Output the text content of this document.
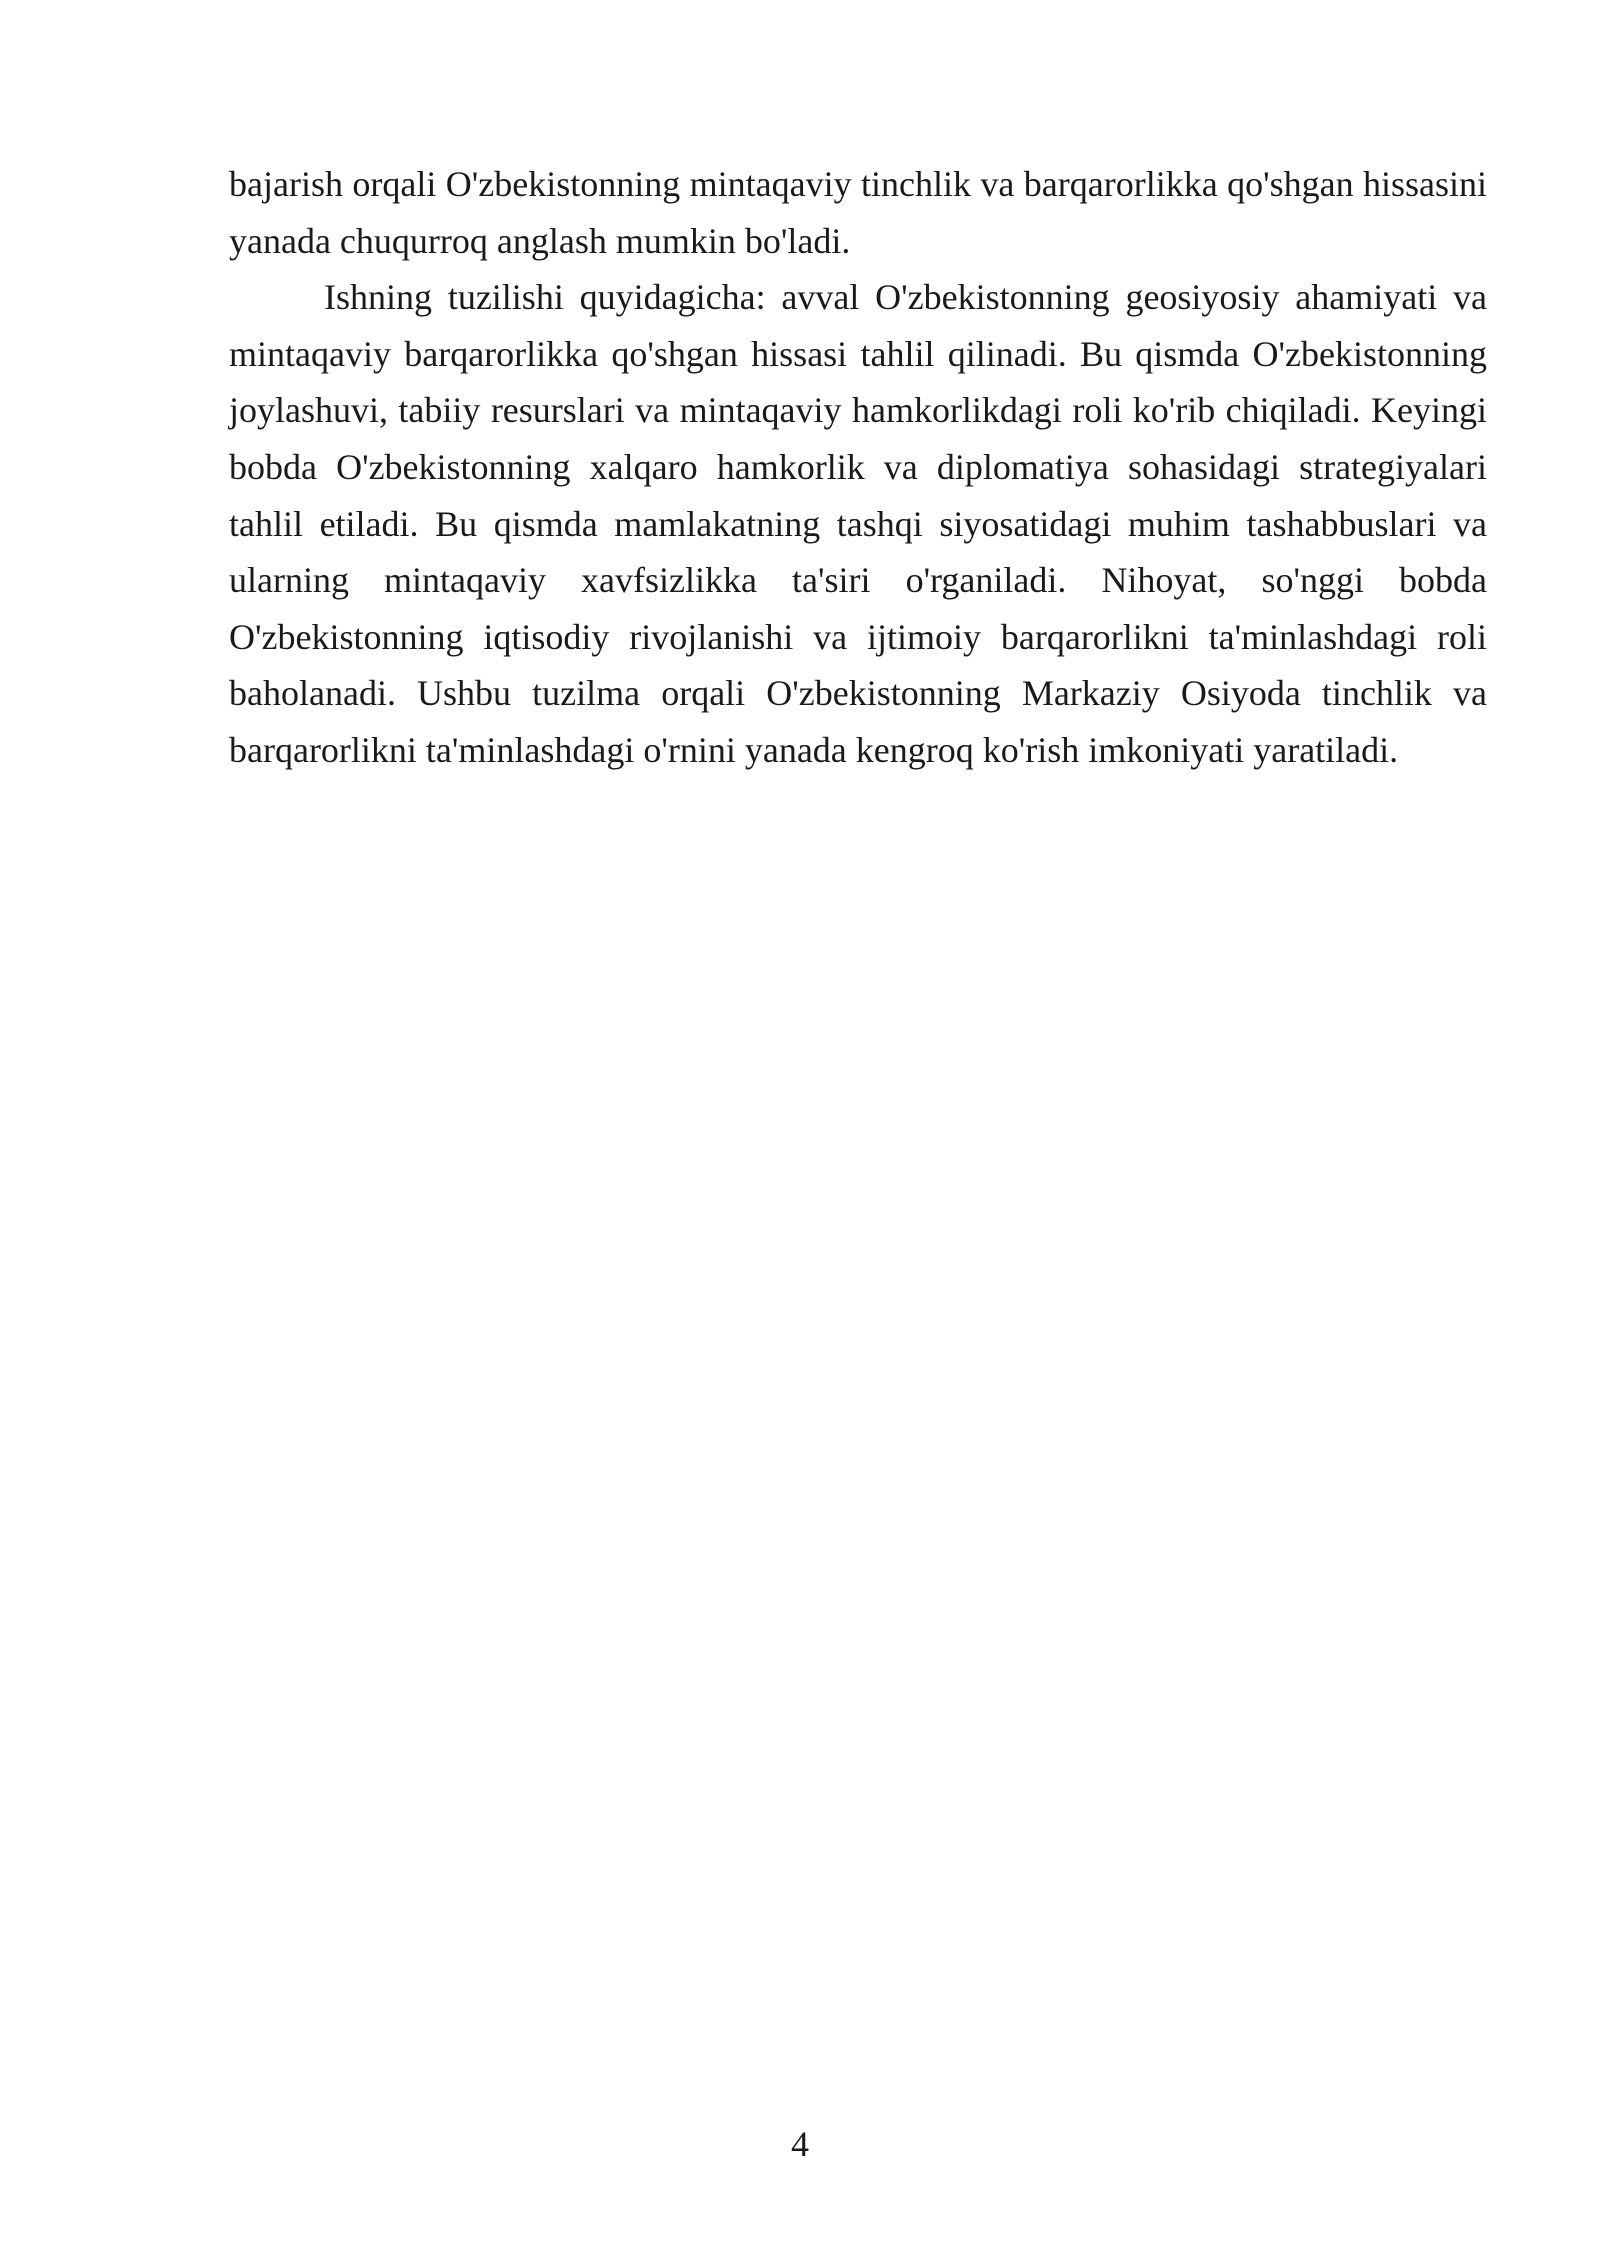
bajarish orqali O'zbekistonning mintaqaviy tinchlik va barqarorlikka qo'shgan hissasini yanada chuqurroq anglash mumkin bo'ladi.

Ishning tuzilishi quyidagicha: avval O'zbekistonning geosiyosiy ahamiyati va mintaqaviy barqarorlikka qo'shgan hissasi tahlil qilinadi. Bu qismda O'zbekistonning joylashuvi, tabiiy resurslari va mintaqaviy hamkorlikdagi roli ko'rib chiqiladi. Keyingi bobda O'zbekistonning xalqaro hamkorlik va diplomatiya sohasidagi strategiyalari tahlil etiladi. Bu qismda mamlakatning tashqi siyosatidagi muhim tashabbuslari va ularning mintaqaviy xavfsizlikka ta'siri o'rganiladi. Nihoyat, so'nggi bobda O'zbekistonning iqtisodiy rivojlanishi va ijtimoiy barqarorlikni ta'minlashdagi roli baholanadi. Ushbu tuzilma orqali O'zbekistonning Markaziy Osiyoda tinchlik va barqarorlikni ta'minlashdagi o'rnini yanada kengroq ko'rish imkoniyati yaratiladi.

4
